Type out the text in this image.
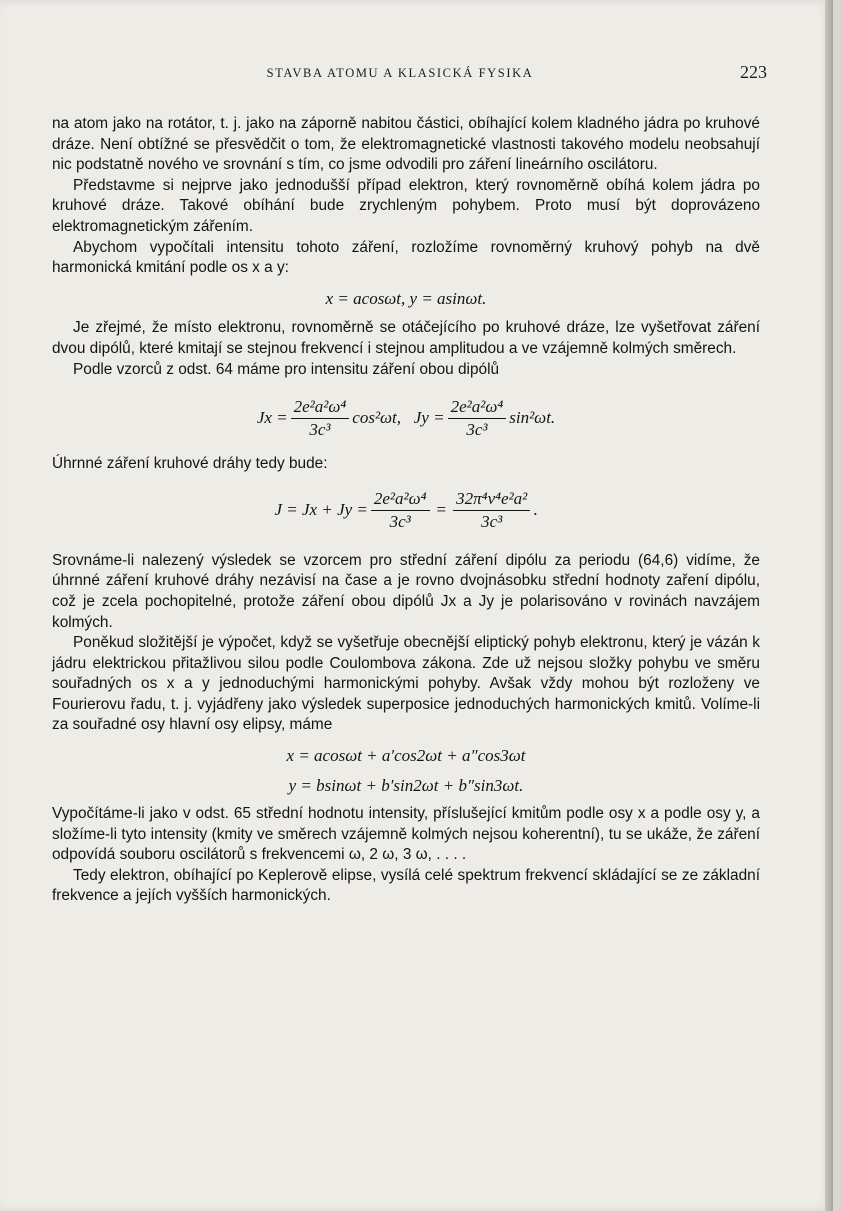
STAVBA ATOMU A KLASICKÁ FYSIKA	223

na atom jako na rotátor, t. j. jako na záporně nabitou částici, obíhající kolem kladného jádra po kruhové dráze. Není obtížné se přesvědčit o tom, že elektromagnetické vlastnosti takového modelu neobsahují nic podstatně nového ve srovnání s tím, co jsme odvodili pro záření lineárního oscilátoru.

Představme si nejprve jako jednodušší případ elektron, který rovnoměrně obíhá kolem jádra po kruhové dráze. Takové obíhání bude zrychleným pohybem. Proto musí být doprovázeno elektromagnetickým zářením.

Abychom vypočítali intensitu tohoto záření, rozložíme rovnoměrný kruhový pohyb na dvě harmonická kmitání podle os x a y:

x = acosωt, y = asinωt.

Je zřejmé, že místo elektronu, rovnoměrně se otáčejícího po kruhové dráze, lze vyšetřovat záření dvou dipólů, které kmitají se stejnou frekvencí i stejnou amplitudou a ve vzájemně kolmých směrech.

Podle vzorců z odst. 64 máme pro intensitu záření obou dipólů

$Jx = \frac{\text{2e²a²ω⁴}}{\text{3c³}} \cos^2\omega t$,
$Jy = \frac{\text{2e²a²ω⁴}}{\text{3c³}} \sin^2\omega t$.

Úhrnné záření kruhové dráhy tedy bude:

$J = Jx + Jy = \frac{\text{2e²a²ω⁴}}{\text{3c³}} = \frac{\text{32π⁴ν⁴e²a²}}{\text{3c³}}$ .

Srovnáme-li nalezený výsledek se vzorcem pro střední záření dipólu za periodu (64,6) vidíme, že úhrnné záření kruhové dráhy nezávisí na čase a je rovno dvojnásobku střední hodnoty zaření dipólu, což je zcela pochopitelné, protože záření obou dipólů Jx a Jy je polarisováno v rovinách navzájem kolmých.

Poněkud složitější je výpočet, když se vyšetřuje obecnější eliptický pohyb elektronu, který je vázán k jádru elektrickou přitažlivou silou podle Coulombova zákona. Zde už nejsou složky pohybu ve směru souřadných os x a y jednoduchými harmonickými pohyby. Avšak vždy mohou být rozloženy ve Fourierovu řadu, t. j. vyjádřeny jako výsledek superposice jednoduchých harmonických kmitů. Volíme-li za souřadné osy hlavní osy elipsy, máme

x = acosωt + a′cos2ωt + a″cos3ωt
y = bsinωt + b′sin2ωt + b″sin3ωt.

Vypočítáme-li jako v odst. 65 střední hodnotu intensity, příslušející kmitům podle osy x a podle osy y, a složíme-li tyto intensity (kmity ve směrech vzájemně kolmých nejsou koherentní), tu se ukáže, že záření odpovídá souboru oscilátorů s frekvencemi ω, 2 ω, 3 ω, . . . .

Tedy elektron, obíhající po Keplerově elipse, vysílá celé spektrum frekvencí skládající se ze základní frekvence a jejích vyšších harmonických.
